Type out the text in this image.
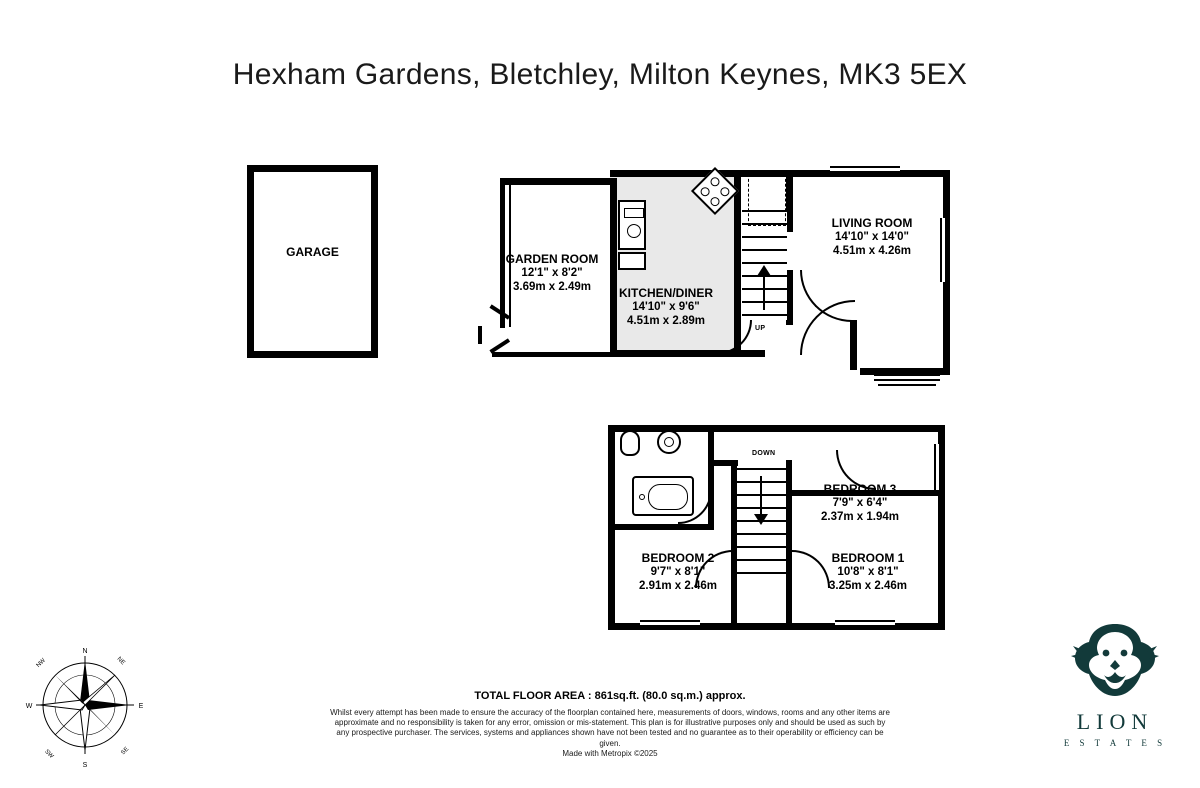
Hexham Gardens, Bletchley, Milton Keynes, MK3 5EX
GARAGE
UP
GARDEN ROOM
12'1" x 8'2"
3.69m x 2.49m	KITCHEN/DINER
14'10" x 9'6"
4.51m x 2.89m
LIVING ROOM
14'10" x 14'0"
4.51m x 4.26m
DOWN
BEDROOM 3
7'9" x 6'4"
2.37m x 1.94m
BEDROOM 2
9'7" x 8'1"
2.91m x 2.46m
BEDROOM 1
10'8" x 8'1"
3.25m x 2.46m
N
S
E
W
NE
SE
SW
NW
TOTAL FLOOR AREA : 861sq.ft. (80.0 sq.m.) approx.
Whilst every attempt has been made to ensure the accuracy of the floorplan contained here, measurements of doors, windows, rooms and any other items are approximate and no responsibility is taken for any error, omission or mis-statement. This plan is for illustrative purposes only and should be used as such by any prospective purchaser. The services, systems and appliances shown have not been tested and no guarantee as to their operability or efficiency can be given.
Made with Metropix ©2025
LION
E S T A T E S
